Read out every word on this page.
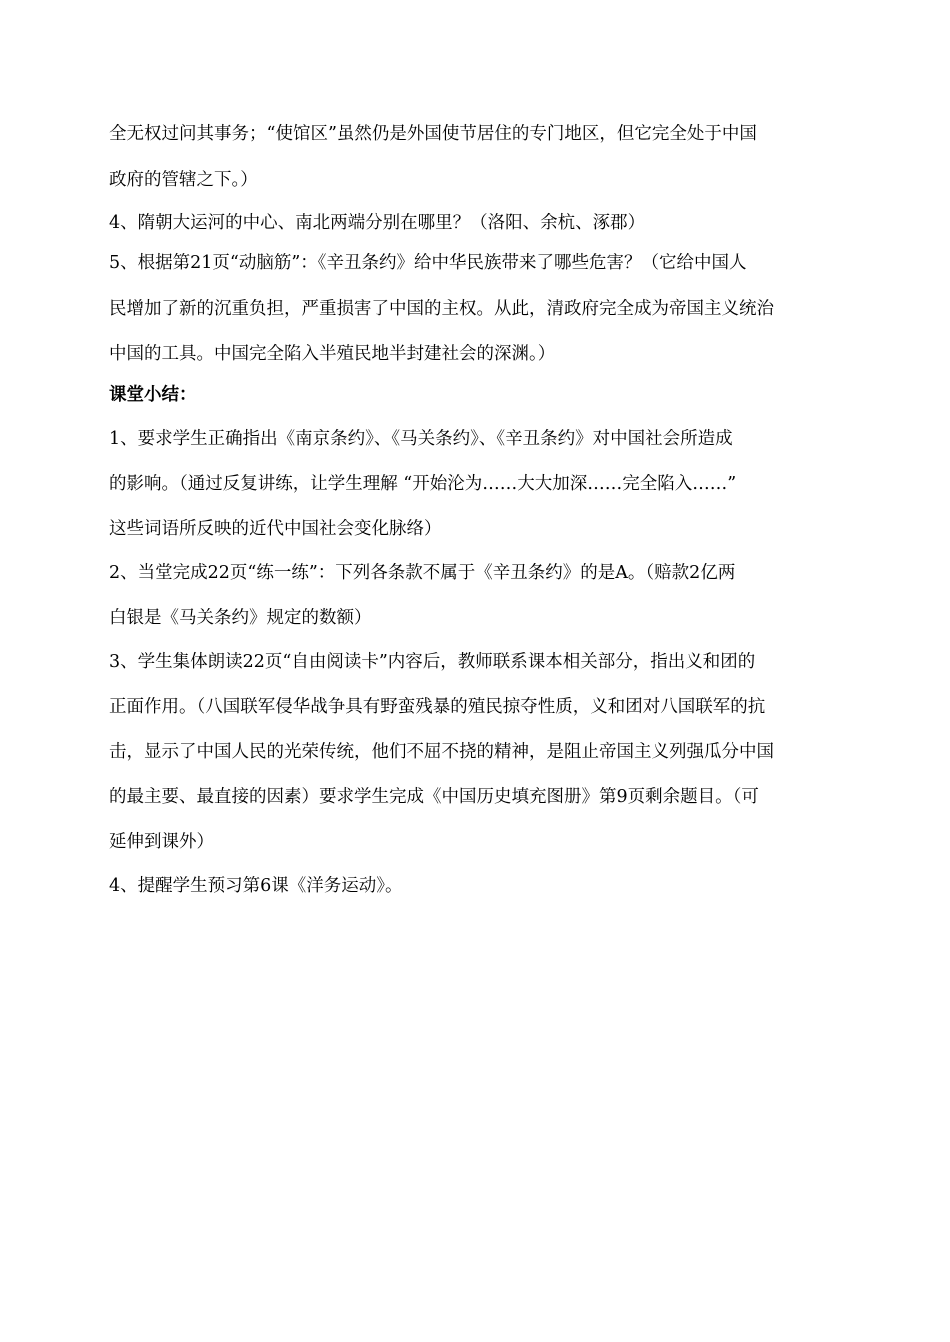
全无权过问其事务；“使馆区”虽然仍是外国使节居住的专门地区，但它完全处于中国
政府的管辖之下。）
4、隋朝大运河的中心、南北两端分别在哪里？（洛阳、余杭、涿郡）
5、根据第21页“动脑筋”：《辛丑条约》给中华民族带来了哪些危害？（它给中国人
民增加了新的沉重负担，严重损害了中国的主权。从此，清政府完全成为帝国主义统治
中国的工具。中国完全陷入半殖民地半封建社会的深渊。）
课堂小结：
1、要求学生正确指出《南京条约》、《马关条约》、《辛丑条约》对中国社会所造成
的影响。（通过反复讲练，让学生理解 “开始沦为……大大加深……完全陷入……”
这些词语所反映的近代中国社会变化脉络）
2、当堂完成22页“练一练”：下列各条款不属于《辛丑条约》的是A。（赔款2亿两
白银是《马关条约》规定的数额）
3、学生集体朗读22页“自由阅读卡”内容后，教师联系课本相关部分，指出义和团的
正面作用。（八国联军侵华战争具有野蛮残暴的殖民掠夺性质，义和团对八国联军的抗
击，显示了中国人民的光荣传统，他们不屈不挠的精神，是阻止帝国主义列强瓜分中国
的最主要、最直接的因素）要求学生完成《中国历史填充图册》第9页剩余题目。（可
延伸到课外）
4、提醒学生预习第6课《洋务运动》。
